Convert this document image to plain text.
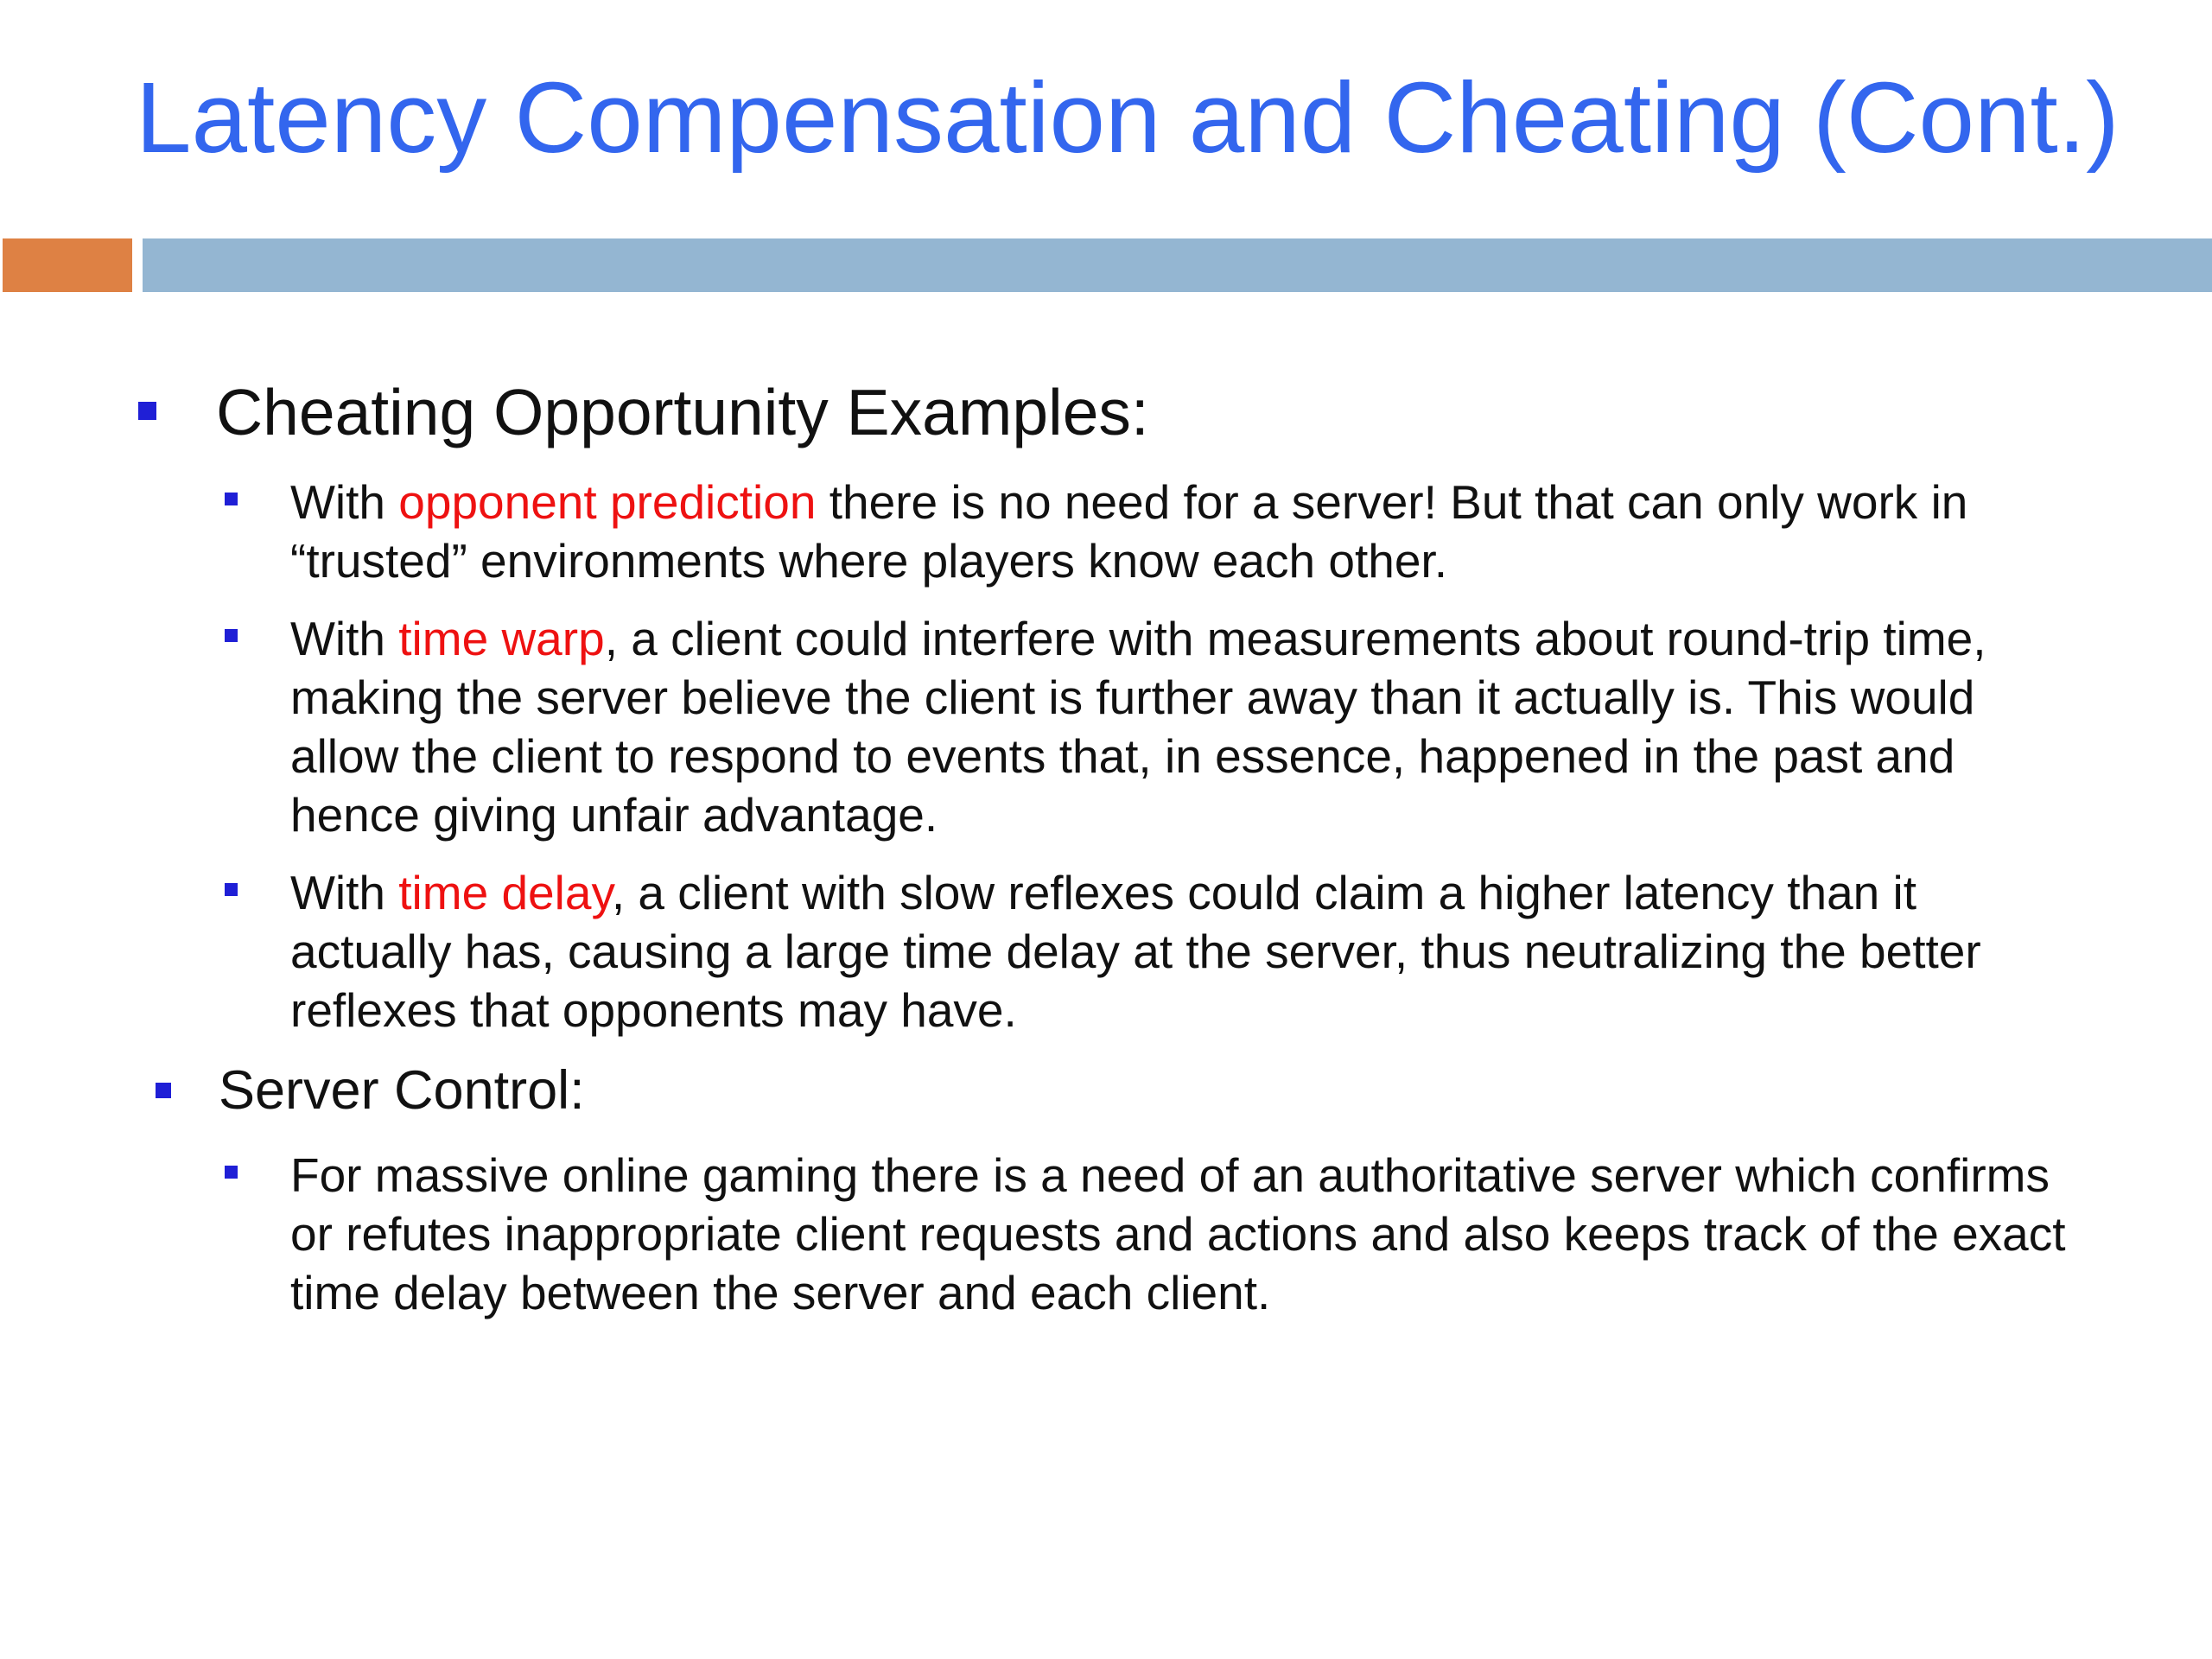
Latency Compensation and Cheating (Cont.)
Cheating Opportunity Examples:
With opponent prediction there is no need for a server! But that can only work in “trusted” environments where players know each other.
With time warp, a client could interfere with measurements about round-trip time, making the server believe the client is further away than it actually is. This would allow the client to respond to events that, in essence, happened in the past and hence giving unfair advantage.
With time delay, a client with slow reflexes could claim a higher latency than it actually has, causing a large time delay at the server, thus neutralizing the better reflexes that opponents may have.
Server Control:
For massive online gaming there is a need of an authoritative server which confirms or refutes inappropriate client requests and actions and also keeps track of the exact time delay between the server and each client.
